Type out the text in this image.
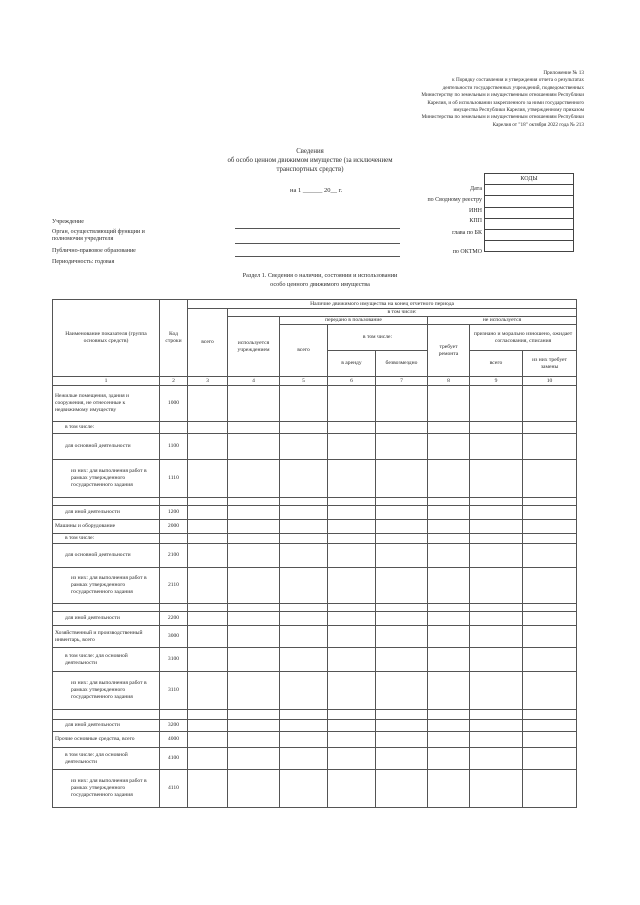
Приложение № 13
к Порядку составления и утверждения отчета о результатах
деятельности государственных учреждений, подведомственных
Министерству по земельным и имущественным отношениям Республики
Карелия, и об использовании закрепленного за ними государственного
имущества Республики Карелия, утвержденному приказом
Министерства по земельным и имущественным отношениям Республики
Карелия от "18" октября 2022 года № 213
Сведения
об особо ценном движимом имуществе (за исключением
транспортных средств)
на 1 ______ 20__ г.
КОДЫ

Дата
по Сводному реестру
ИНН
КПП
глава по БК
по ОКТМО
Учреждение
Орган, осуществляющий функции и
полномочия учредителя
Публично-правовое образование
Периодичность: годовая
Раздел 1. Сведения о наличии, состоянии и использовании
особо ценного движимого имущества
Наименование показателя (группа основных средств)	Код строки	Наличие движимого имущества на конец отчетного периода							
		всего	в том числе:						
			используется учреждением	передано в пользование			не используется		
				всего	в том числе:		требует ремонта	признано и морально изношено, ожидает согласования, списания	
					в аренду	безвозмездно		всего	из них требует замены
1	2	3	4	5	6	7	8	9	10
Нежилые помещения, здания и сооружения, не отнесенные к недвижимому имуществу	1000								
в том числе:									
для основной деятельности	1100								
из них: для выполнения работ в рамках утвержденного государственного задания	1110								

для иной деятельности	1200								
Машины и оборудование	2000								
в том числе:									
для основной деятельности	2100								
из них: для выполнения работ в рамках утвержденного государственного задания	2110								

для иной деятельности	2200								
Хозяйственный и производственный инвентарь, всего	3000								
в том числе: для основной деятельности	3100								
из них: для выполнения работ в рамках утвержденного государственного задания	3110								

для иной деятельности	3200								
Прочие основные средства, всего	4000								
в том числе: для основной деятельности	4100								
из них: для выполнения работ в рамках утвержденного государственного задания	4110								
